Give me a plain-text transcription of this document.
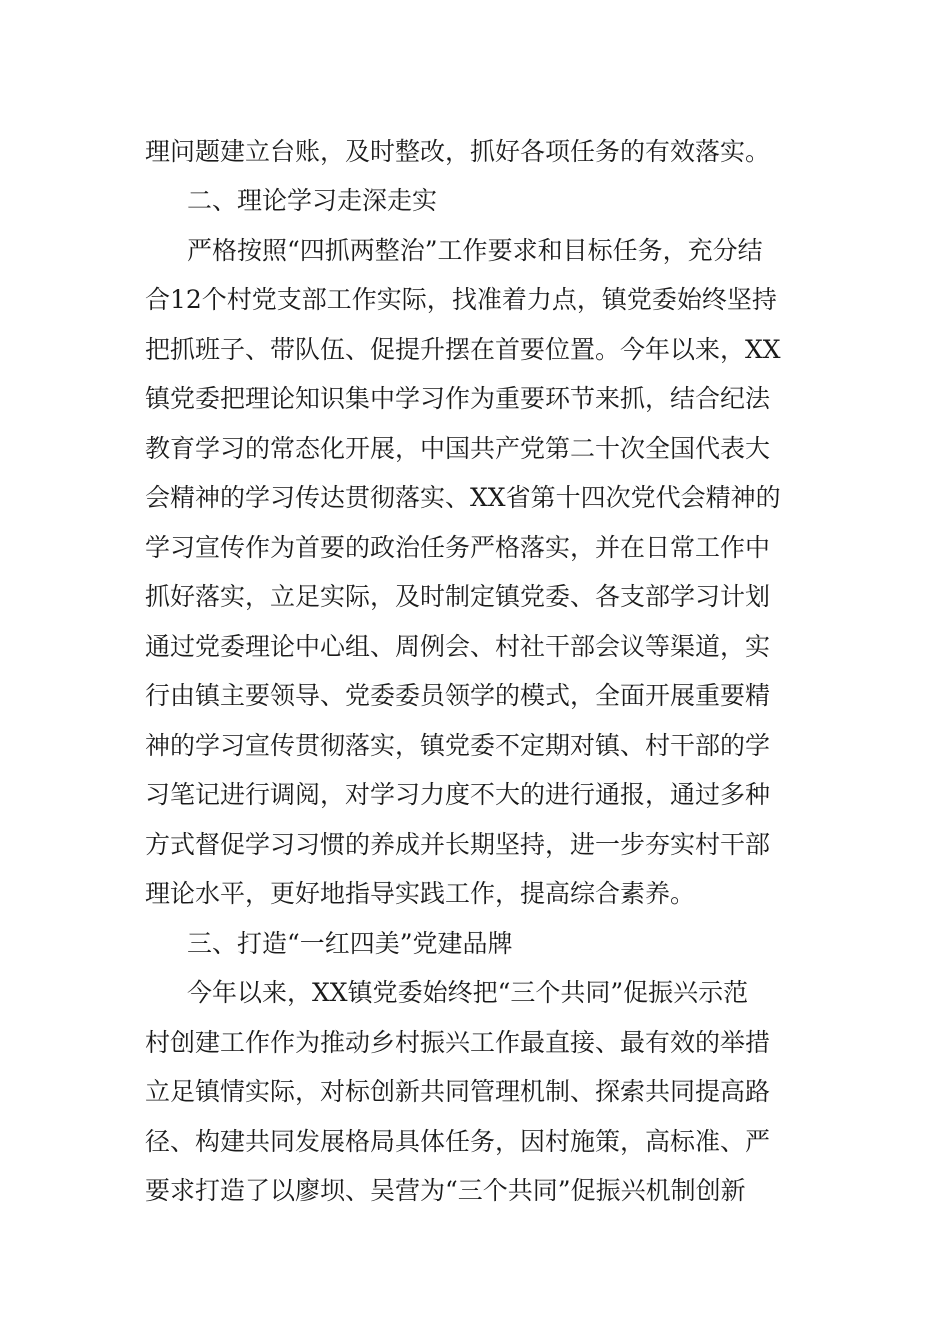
理问题建立台账，及时整改，抓好各项任务的有效落实。
二、理论学习走深走实
严格按照“四抓两整治”工作要求和目标任务，充分结
合12个村党支部工作实际，找准着力点，镇党委始终坚持
把抓班子、带队伍、促提升摆在首要位置。今年以来，XX
镇党委把理论知识集中学习作为重要环节来抓，结合纪法
教育学习的常态化开展，中国共产党第二十次全国代表大
会精神的学习传达贯彻落实、XX省第十四次党代会精神的
学习宣传作为首要的政治任务严格落实，并在日常工作中
抓好落实，立足实际，及时制定镇党委、各支部学习计划
通过党委理论中心组、周例会、村社干部会议等渠道，实
行由镇主要领导、党委委员领学的模式，全面开展重要精
神的学习宣传贯彻落实，镇党委不定期对镇、村干部的学
习笔记进行调阅，对学习力度不大的进行通报，通过多种
方式督促学习习惯的养成并长期坚持，进一步夯实村干部
理论水平，更好地指导实践工作，提高综合素养。
三、打造“一红四美”党建品牌
今年以来，XX镇党委始终把“三个共同”促振兴示范
村创建工作作为推动乡村振兴工作最直接、最有效的举措
立足镇情实际，对标创新共同管理机制、探索共同提高路
径、构建共同发展格局具体任务，因村施策，高标准、严
要求打造了以廖坝、吴营为“三个共同”促振兴机制创新
